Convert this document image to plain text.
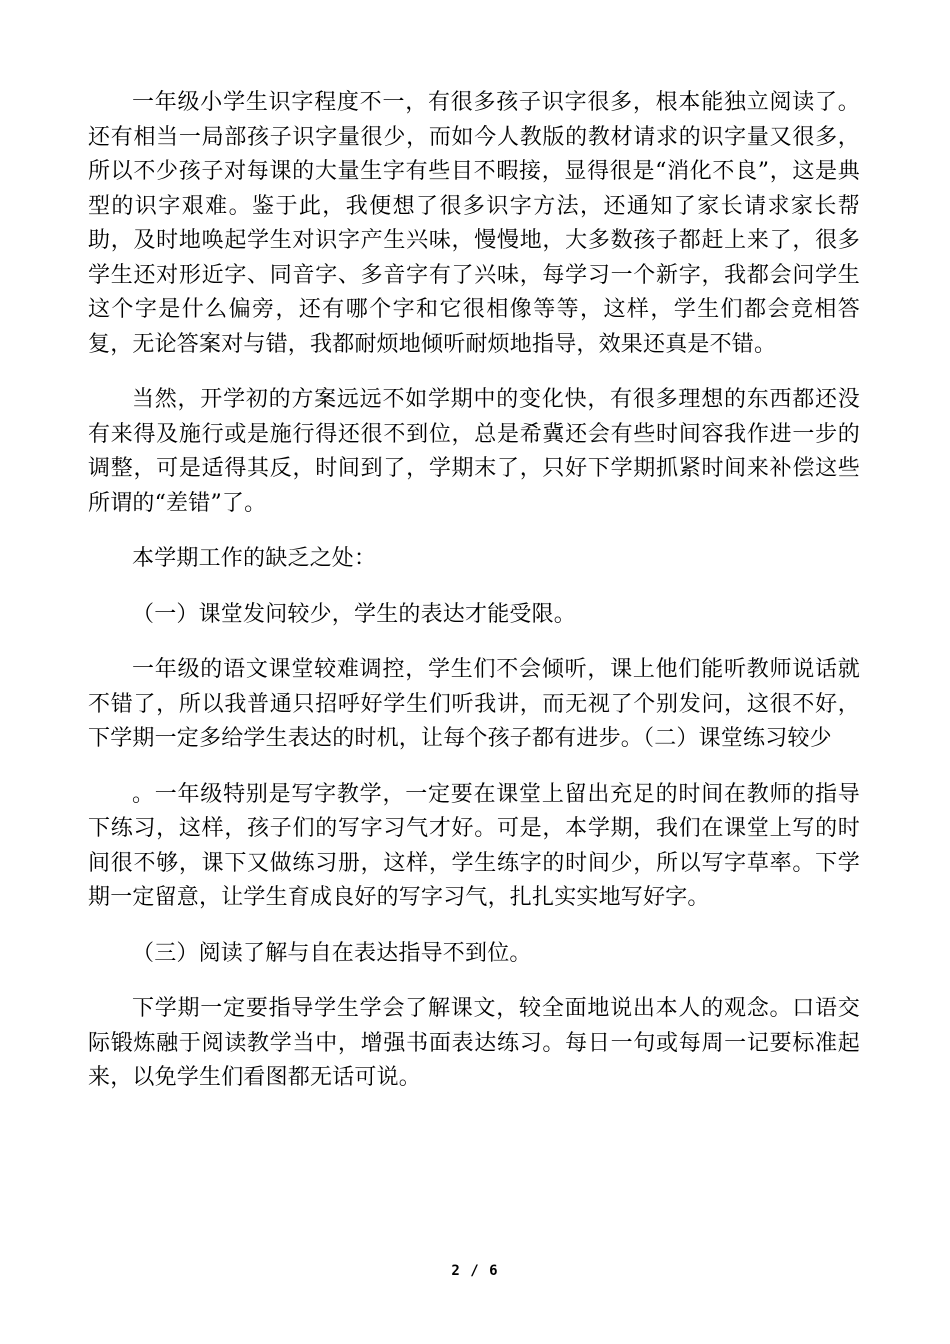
一年级小学生识字程度不一，有很多孩子识字很多，根本能独立阅读了。还有相当一局部孩子识字量很少，而如今人教版的教材请求的识字量又很多，所以不少孩子对每课的大量生字有些目不暇接，显得很是“消化不良”，这是典型的识字艰难。鉴于此，我便想了很多识字方法，还通知了家长请求家长帮助，及时地唤起学生对识字产生兴味，慢慢地，大多数孩子都赶上来了，很多学生还对形近字、同音字、多音字有了兴味，每学习一个新字，我都会问学生这个字是什么偏旁，还有哪个字和它很相像等等，这样，学生们都会竞相答复，无论答案对与错，我都耐烦地倾听耐烦地指导，效果还真是不错。

当然，开学初的方案远远不如学期中的变化快，有很多理想的东西都还没有来得及施行或是施行得还很不到位，总是希冀还会有些时间容我作进一步的调整，可是适得其反，时间到了，学期末了，只好下学期抓紧时间来补偿这些所谓的“差错”了。

本学期工作的缺乏之处：

（一）课堂发问较少，学生的表达才能受限。

一年级的语文课堂较难调控，学生们不会倾听，课上他们能听教师说话就不错了，所以我普通只招呼好学生们听我讲，而无视了个别发问，这很不好，下学期一定多给学生表达的时机，让每个孩子都有进步。（二）课堂练习较少

。一年级特别是写字教学，一定要在课堂上留出充足的时间在教师的指导下练习，这样，孩子们的写字习气才好。可是，本学期，我们在课堂上写的时间很不够，课下又做练习册，这样，学生练字的时间少，所以写字草率。下学期一定留意，让学生育成良好的写字习气，扎扎实实地写好字。

（三）阅读了解与自在表达指导不到位。

下学期一定要指导学生学会了解课文，较全面地说出本人的观念。口语交际锻炼融于阅读教学当中，增强书面表达练习。每日一句或每周一记要标准起来，以免学生们看图都无话可说。

2 / 6
